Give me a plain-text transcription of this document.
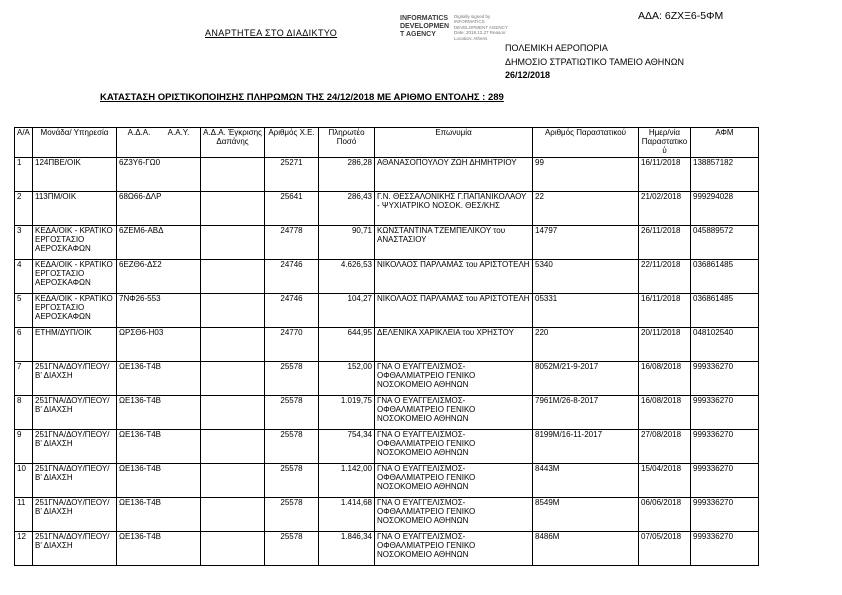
ΑΝΑΡΤΗΤΕΑ ΣΤΟ ΔΙΑΔΙΚΤΥΟ
INFORMATICS
DEVELOPMEN
T AGENCY
Digitally signed by INFORMATICS DEVELOPMENT AGENCY Date: 2018.12.27 Reason: Location: Athens
ΑΔΑ: 6ΖΧΞ6-5ΦΜ
ΠΟΛΕΜΙΚΗ ΑΕΡΟΠΟΡΙΑ
ΔΗΜΟΣΙΟ ΣΤΡΑΤΙΩΤΙΚΟ ΤΑΜΕΙΟ ΑΘΗΝΩΝ
26/12/2018
ΚΑΤΑΣΤΑΣΗ ΟΡΙΣΤΙΚΟΠΟΙΗΣΗΣ ΠΛΗΡΩΜΩΝ ΤΗΣ 24/12/2018 ΜΕ ΑΡΙΘΜΟ ΕΝΤΟΛΗΣ : 289
Α/Α	Μονάδα/ Υπηρεσία	Α.Δ.Α. Α.Α.Υ.	Α.Δ.Α. Έγκρισης Δαπάνης	Αριθμός Χ.Ε.	Πληρωτέο Ποσό	Επωνυμία	Αριθμός Παραστατικού	Ημερ/νία Παραστατικού	ΑΦΜ
1	124ΠΒΕ/ΟΙΚ	6Ζ3Υ6-ΓΩ0		25271	286,28	ΑΘΑΝΑΣΟΠΟΥΛΟΥ ΖΩΗ ΔΗΜΗΤΡΙΟΥ	99	16/11/2018	138857182
2	113ΠΜ/ΟΙΚ	68Ω66-ΔΛΡ		25641	286,43	Γ.Ν. ΘΕΣΣΑΛΟΝΙΚΗΣ Γ.ΠΑΠΑΝΙΚΟΛΑΟΥ - ΨΥΧΙΑΤΡΙΚΟ ΝΟΣΟΚ. ΘΕΣ/ΚΗΣ	22	21/02/2018	999294028
3	ΚΕΔΑ/ΟΙΚ - ΚΡΑΤΙΚΟ ΕΡΓΟΣΤΑΣΙΟ ΑΕΡΟΣΚΑΦΩΝ	6ΖΕΜ6-ΑΒΔ		24778	90,71	ΚΩΝΣΤΑΝΤΙΝΑ ΤΖΕΜΠΕΛΙΚΟΥ του ΑΝΑΣΤΑΣΙΟΥ	14797	26/11/2018	045889572
4	ΚΕΔΑ/ΟΙΚ - ΚΡΑΤΙΚΟ ΕΡΓΟΣΤΑΣΙΟ ΑΕΡΟΣΚΑΦΩΝ	6ΕΖΘ6-ΔΣ2		24746	4.626,53	ΝΙΚΟΛΑΟΣ ΠΑΡΛΑΜΑΣ του ΑΡΙΣΤΟΤΕΛΗ	5340	22/11/2018	036861485
5	ΚΕΔΑ/ΟΙΚ - ΚΡΑΤΙΚΟ ΕΡΓΟΣΤΑΣΙΟ ΑΕΡΟΣΚΑΦΩΝ	7ΝΦ26-553		24746	104,27	ΝΙΚΟΛΑΟΣ ΠΑΡΛΑΜΑΣ του ΑΡΙΣΤΟΤΕΛΗ	05331	16/11/2018	036861485
6	ΕΤΗΜ/ΔΥΠ/ΟΙΚ	ΩΡΣΘ6-Η03		24770	644,95	ΔΕΛΕΝΙΚΑ ΧΑΡΙΚΛΕΙΑ του ΧΡΗΣΤΟΥ	220	20/11/2018	048102540
7	251ΓΝΑ/ΔΟΥ/ΠΕΟΥ/Β' ΔΙΑΧΣΗ	ΩΕ136-Τ4Β		25578	152,00	ΓΝΑ Ο ΕΥΑΓΓΕΛΙΣΜΟΣ-ΟΦΘΑΛΜΙΑΤΡΕΙΟ ΓΕΝΙΚΟ ΝΟΣΟΚΟΜΕΙΟ ΑΘΗΝΩΝ	8052Μ/21-9-2017	16/08/2018	999336270
8	251ΓΝΑ/ΔΟΥ/ΠΕΟΥ/Β' ΔΙΑΧΣΗ	ΩΕ136-Τ4Β		25578	1.019,75	ΓΝΑ Ο ΕΥΑΓΓΕΛΙΣΜΟΣ-ΟΦΘΑΛΜΙΑΤΡΕΙΟ ΓΕΝΙΚΟ ΝΟΣΟΚΟΜΕΙΟ ΑΘΗΝΩΝ	7961Μ/26-8-2017	16/08/2018	999336270
9	251ΓΝΑ/ΔΟΥ/ΠΕΟΥ/Β' ΔΙΑΧΣΗ	ΩΕ136-Τ4Β		25578	754,34	ΓΝΑ Ο ΕΥΑΓΓΕΛΙΣΜΟΣ-ΟΦΘΑΛΜΙΑΤΡΕΙΟ ΓΕΝΙΚΟ ΝΟΣΟΚΟΜΕΙΟ ΑΘΗΝΩΝ	8199Μ/16-11-2017	27/08/2018	999336270
10	251ΓΝΑ/ΔΟΥ/ΠΕΟΥ/Β' ΔΙΑΧΣΗ	ΩΕ136-Τ4Β		25578	1.142,00	ΓΝΑ Ο ΕΥΑΓΓΕΛΙΣΜΟΣ-ΟΦΘΑΛΜΙΑΤΡΕΙΟ ΓΕΝΙΚΟ ΝΟΣΟΚΟΜΕΙΟ ΑΘΗΝΩΝ	8443Μ	15/04/2018	999336270
11	251ΓΝΑ/ΔΟΥ/ΠΕΟΥ/Β' ΔΙΑΧΣΗ	ΩΕ136-Τ4Β		25578	1.414,68	ΓΝΑ Ο ΕΥΑΓΓΕΛΙΣΜΟΣ-ΟΦΘΑΛΜΙΑΤΡΕΙΟ ΓΕΝΙΚΟ ΝΟΣΟΚΟΜΕΙΟ ΑΘΗΝΩΝ	8549Μ	06/06/2018	999336270
12	251ΓΝΑ/ΔΟΥ/ΠΕΟΥ/Β' ΔΙΑΧΣΗ	ΩΕ136-Τ4Β		25578	1.846,34	ΓΝΑ Ο ΕΥΑΓΓΕΛΙΣΜΟΣ-ΟΦΘΑΛΜΙΑΤΡΕΙΟ ΓΕΝΙΚΟ ΝΟΣΟΚΟΜΕΙΟ ΑΘΗΝΩΝ	8486Μ	07/05/2018	999336270
